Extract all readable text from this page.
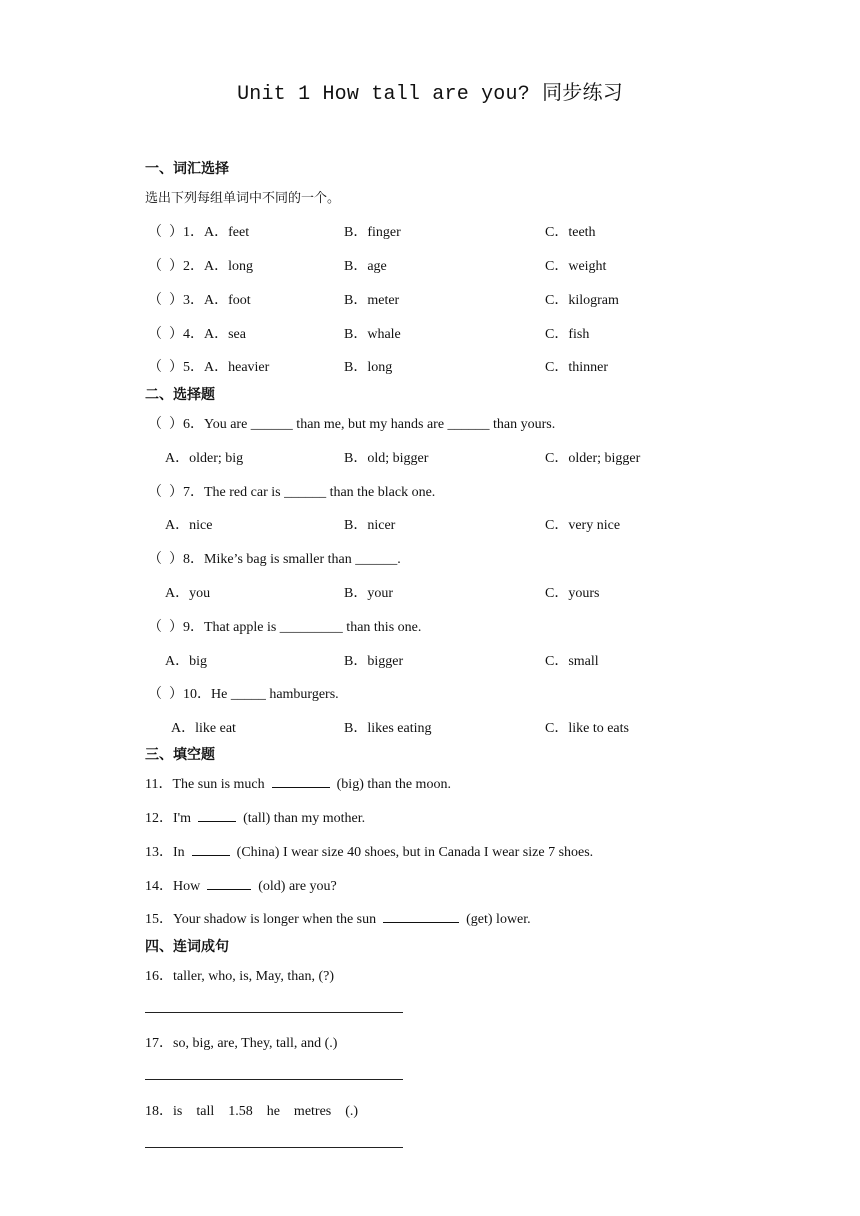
Unit 1 How tall are you? 同步练习
一、词汇选择
选出下列每组单词中不同的一个。
（  ）1．A．feet	B．finger	C．teeth
（  ）2．A．long	B．age	C．weight
（  ）3．A．foot	B．meter	C．kilogram
（  ）4．A．sea	B．whale	C．fish
（  ）5．A．heavier	B．long	C．thinner
二、选择题
（  ）6．You are ______ than me, but my hands are ______ than yours.
A．older; big	B．old; bigger	C．older; bigger
（  ）7．The red car is ______ than the black one.
A．nice	B．nicer	C．very nice
（  ）8．Mike’s bag is smaller than ______.
A．you	B．your	C．yours
（  ）9．That apple is _________ than this one.
A．big	B．bigger	C．small
（  ）10．He _____ hamburgers.
A．like eat	B．likes eating	C．like to eats
三、填空题
11．The sun is much	(big) than the moon.
12．I'm	(tall) than my mother.
13．In	(China) I wear size 40 shoes, but in Canada I wear size 7 shoes.
14．How	(old) are you?
15．Your shadow is longer when the sun	(get) lower.
四、连词成句
16．taller, who, is, May, than, (?)
17．so, big, are, They, tall, and (.)
18．is    tall    1.58    he    metres    (.)
